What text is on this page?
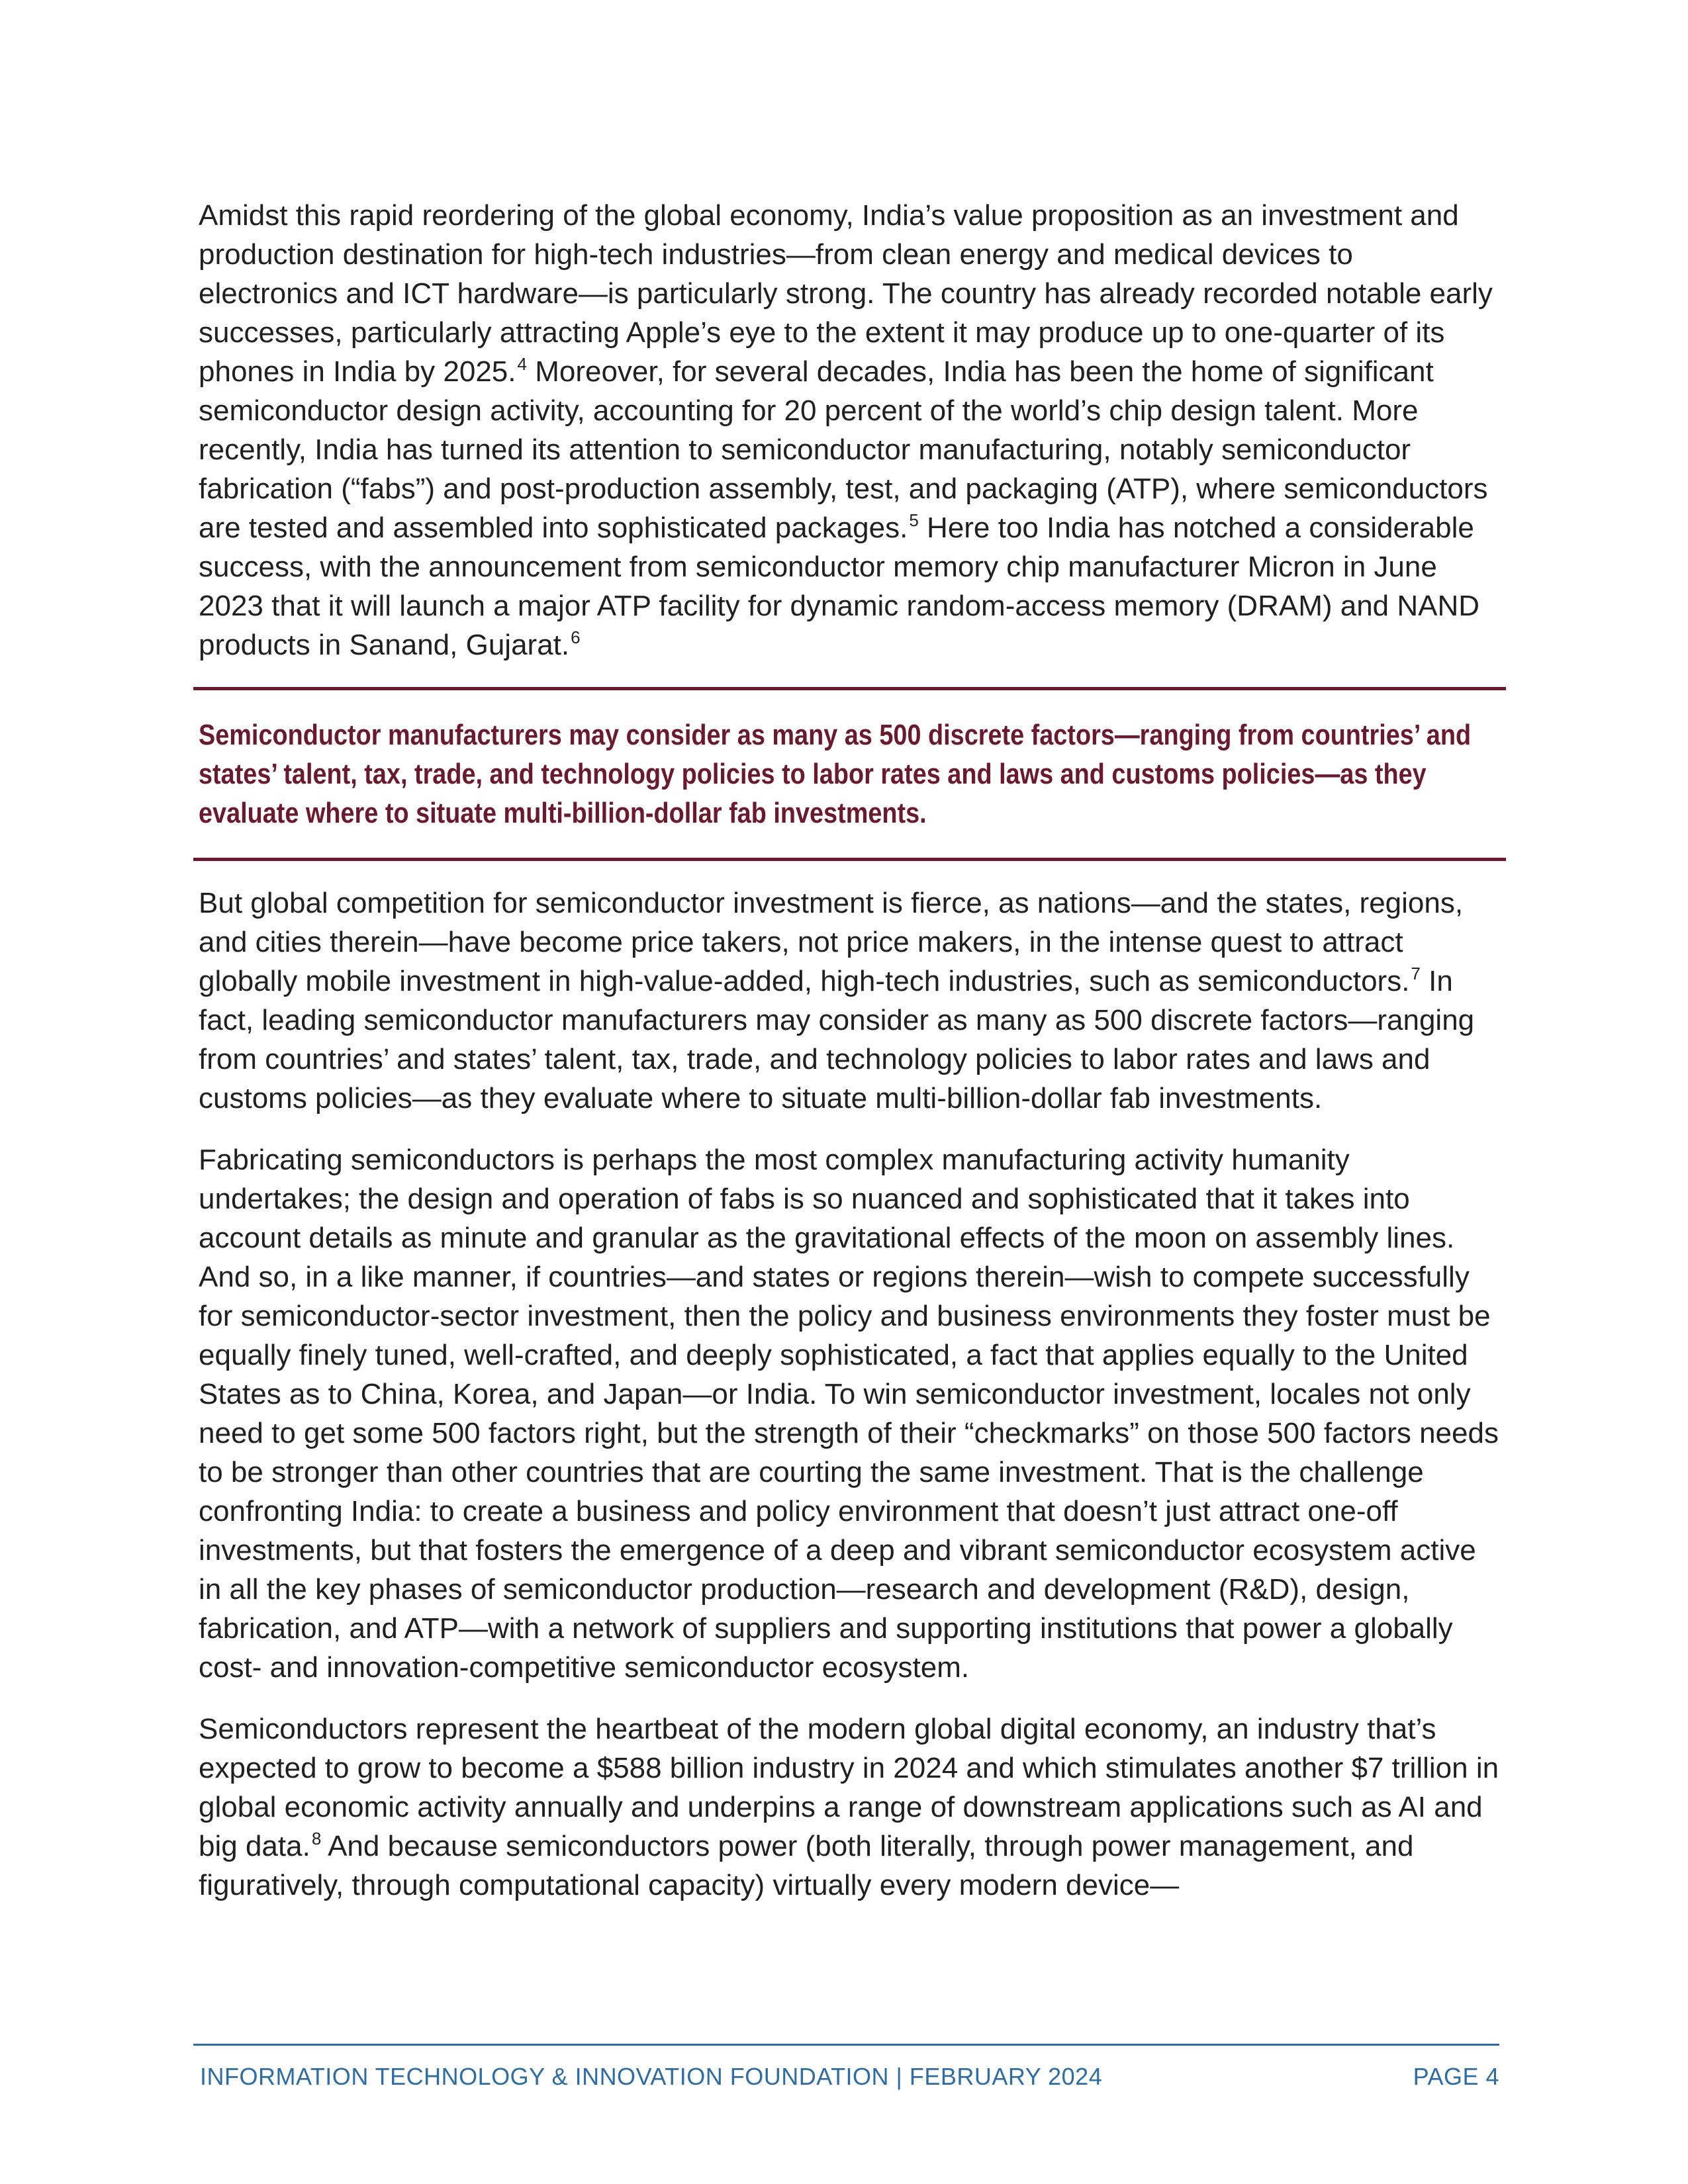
Amidst this rapid reordering of the global economy, India’s value proposition as an investment and production destination for high-tech industries—from clean energy and medical devices to electronics and ICT hardware—is particularly strong. The country has already recorded notable early successes, particularly attracting Apple’s eye to the extent it may produce up to one-quarter of its phones in India by 2025.$^4$ Moreover, for several decades, India has been the home of significant semiconductor design activity, accounting for 20 percent of the world’s chip design talent. More recently, India has turned its attention to semiconductor manufacturing, notably semiconductor fabrication (“fabs”) and post-production assembly, test, and packaging (ATP), where semiconductors are tested and assembled into sophisticated packages.$^5$ Here too India has notched a considerable success, with the announcement from semiconductor memory chip manufacturer Micron in June 2023 that it will launch a major ATP facility for dynamic random-access memory (DRAM) and NAND products in Sanand, Gujarat.$^6$

Semiconductor manufacturers may consider as many as 500 discrete factors—ranging from countries’ and states’ talent, tax, trade, and technology policies to labor rates and laws and customs policies—as they evaluate where to situate multi-billion-dollar fab investments.

But global competition for semiconductor investment is fierce, as nations—and the states, regions, and cities therein—have become price takers, not price makers, in the intense quest to attract globally mobile investment in high-value-added, high-tech industries, such as semiconductors.$^7$ In fact, leading semiconductor manufacturers may consider as many as 500 discrete factors—ranging from countries’ and states’ talent, tax, trade, and technology policies to labor rates and laws and customs policies—as they evaluate where to situate multi-billion-dollar fab investments.

Fabricating semiconductors is perhaps the most complex manufacturing activity humanity undertakes; the design and operation of fabs is so nuanced and sophisticated that it takes into account details as minute and granular as the gravitational effects of the moon on assembly lines. And so, in a like manner, if countries—and states or regions therein—wish to compete successfully for semiconductor-sector investment, then the policy and business environments they foster must be equally finely tuned, well-crafted, and deeply sophisticated, a fact that applies equally to the United States as to China, Korea, and Japan—or India. To win semiconductor investment, locales not only need to get some 500 factors right, but the strength of their “checkmarks” on those 500 factors needs to be stronger than other countries that are courting the same investment. That is the challenge confronting India: to create a business and policy environment that doesn’t just attract one-off investments, but that fosters the emergence of a deep and vibrant semiconductor ecosystem active in all the key phases of semiconductor production—research and development (R&D), design, fabrication, and ATP—with a network of suppliers and supporting institutions that power a globally cost- and innovation-competitive semiconductor ecosystem.

Semiconductors represent the heartbeat of the modern global digital economy, an industry that’s expected to grow to become a $588 billion industry in 2024 and which stimulates another $7 trillion in global economic activity annually and underpins a range of downstream applications such as AI and big data.$^8$ And because semiconductors power (both literally, through power management, and figuratively, through computational capacity) virtually every modern device—

INFORMATION TECHNOLOGY & INNOVATION FOUNDATION | FEBRUARY 2024	PAGE 4
